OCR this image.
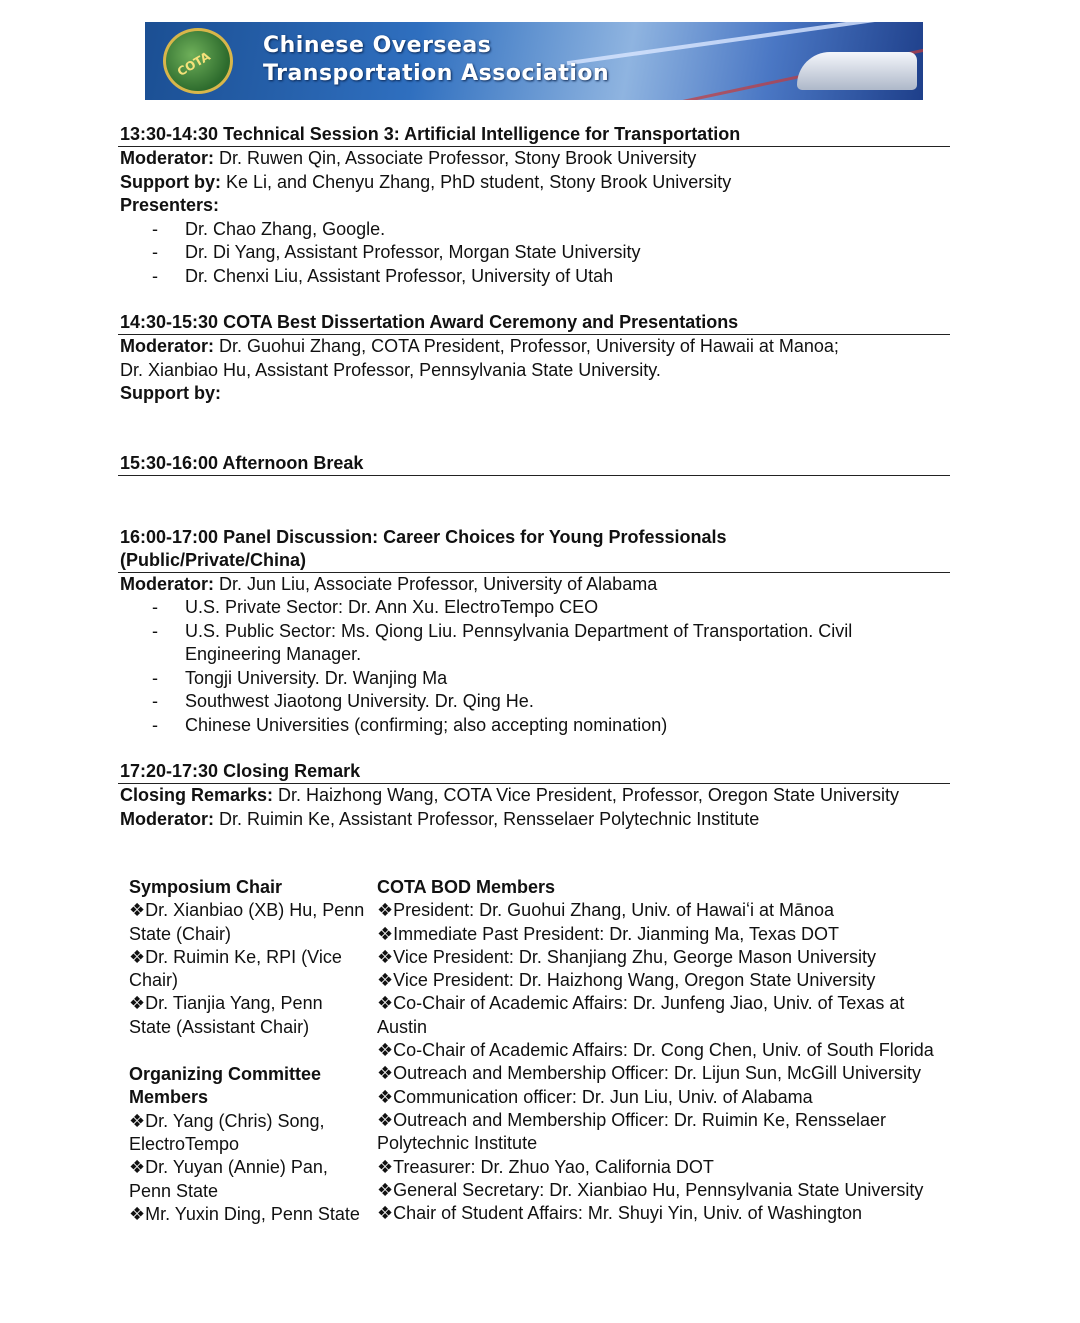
COTA
Chinese Overseas
Transportation Association
13:30-14:30 Technical Session 3: Artificial Intelligence for Transportation
Moderator: Dr. Ruwen Qin, Associate Professor, Stony Brook University
Support by: Ke Li, and Chenyu Zhang, PhD student, Stony Brook University
Presenters:
- Dr. Chao Zhang, Google.
- Dr. Di Yang, Assistant Professor, Morgan State University
- Dr. Chenxi Liu, Assistant Professor, University of Utah
14:30-15:30 COTA Best Dissertation Award Ceremony and Presentations
Moderator: Dr. Guohui Zhang, COTA President, Professor, University of Hawaii at Manoa;
Dr. Xianbiao Hu, Assistant Professor, Pennsylvania State University.
Support by:
15:30-16:00 Afternoon Break
16:00-17:00 Panel Discussion: Career Choices for Young Professionals
(Public/Private/China)
Moderator: Dr. Jun Liu, Associate Professor, University of Alabama
- U.S. Private Sector: Dr. Ann Xu. ElectroTempo CEO
- U.S. Public Sector: Ms. Qiong Liu. Pennsylvania Department of Transportation. Civil Engineering Manager.
- Tongji University. Dr. Wanjing Ma
- Southwest Jiaotong University. Dr. Qing He.
- Chinese Universities (confirming; also accepting nomination)
17:20-17:30 Closing Remark
Closing Remarks: Dr. Haizhong Wang, COTA Vice President, Professor, Oregon State University
Moderator: Dr. Ruimin Ke, Assistant Professor, Rensselaer Polytechnic Institute
Symposium Chair
❖Dr. Xianbiao (XB) Hu, Penn State (Chair)
❖Dr. Ruimin Ke, RPI (Vice Chair)
❖Dr. Tianjia Yang, Penn State (Assistant Chair)
Organizing Committee Members
❖Dr. Yang (Chris) Song, ElectroTempo
❖Dr. Yuyan (Annie) Pan, Penn State
❖Mr. Yuxin Ding, Penn State
COTA BOD Members
❖President: Dr. Guohui Zhang, Univ. of Hawaiʻi at Mānoa
❖Immediate Past President: Dr. Jianming Ma, Texas DOT
❖Vice President: Dr. Shanjiang Zhu, George Mason University
❖Vice President: Dr. Haizhong Wang, Oregon State University
❖Co-Chair of Academic Affairs: Dr. Junfeng Jiao, Univ. of Texas at Austin
❖Co-Chair of Academic Affairs: Dr. Cong Chen, Univ. of South Florida
❖Outreach and Membership Officer: Dr. Lijun Sun, McGill University
❖Communication officer: Dr. Jun Liu, Univ. of Alabama
❖Outreach and Membership Officer: Dr. Ruimin Ke, Rensselaer Polytechnic Institute
❖Treasurer: Dr. Zhuo Yao, California DOT
❖General Secretary: Dr. Xianbiao Hu, Pennsylvania State University
❖Chair of Student Affairs: Mr. Shuyi Yin, Univ. of Washington
